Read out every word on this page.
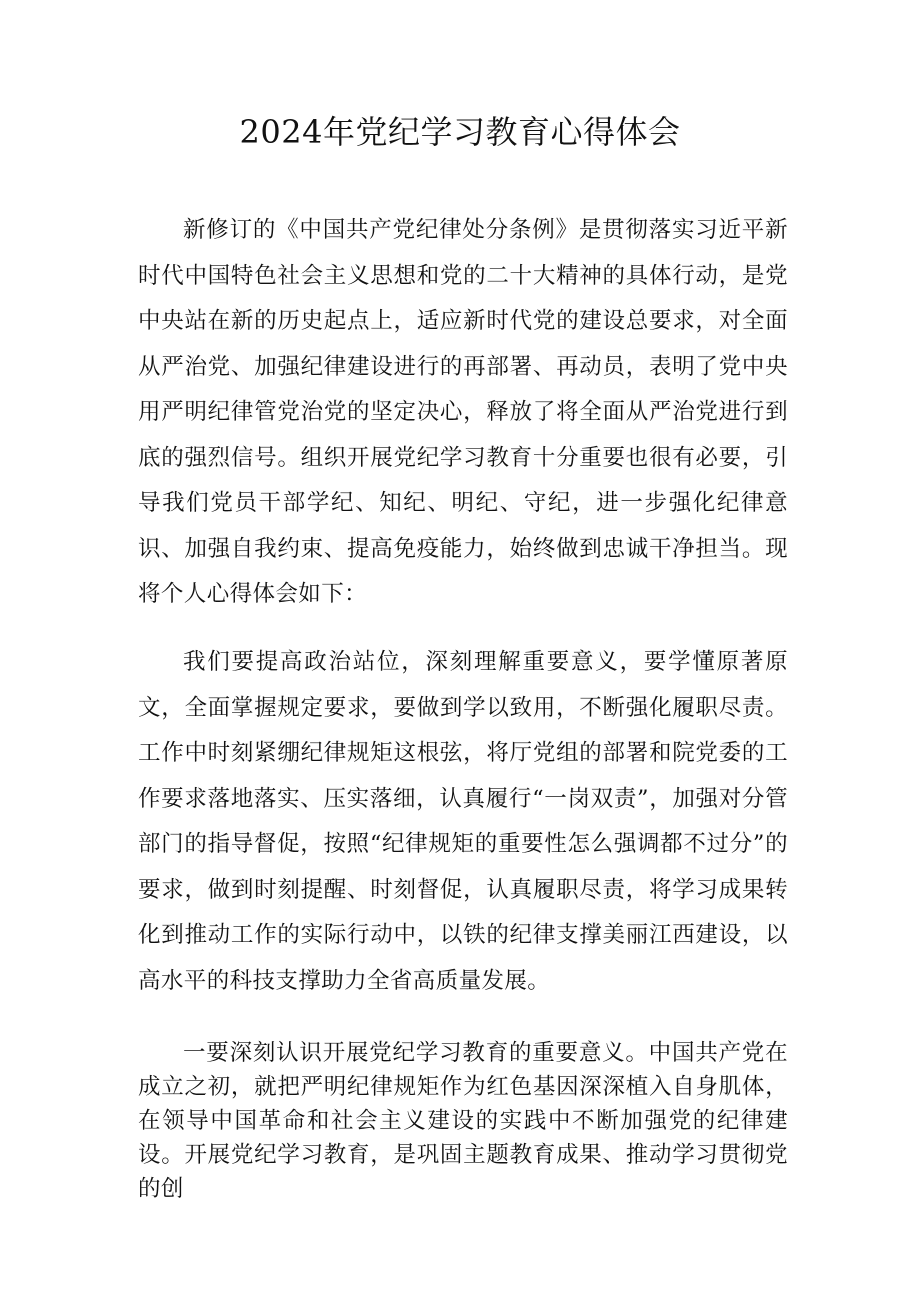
2024年党纪学习教育心得体会

新修订的《中国共产党纪律处分条例》是贯彻落实习近平新时代中国特色社会主义思想和党的二十大精神的具体行动，是党中央站在新的历史起点上，适应新时代党的建设总要求，对全面从严治党、加强纪律建设进行的再部署、再动员，表明了党中央用严明纪律管党治党的坚定决心，释放了将全面从严治党进行到底的强烈信号。组织开展党纪学习教育十分重要也很有必要，引导我们党员干部学纪、知纪、明纪、守纪，进一步强化纪律意识、加强自我约束、提高免疫能力，始终做到忠诚干净担当。现将个人心得体会如下：

我们要提高政治站位，深刻理解重要意义，要学懂原著原文，全面掌握规定要求，要做到学以致用，不断强化履职尽责。工作中时刻紧绷纪律规矩这根弦，将厅党组的部署和院党委的工作要求落地落实、压实落细，认真履行“一岗双责”，加强对分管部门的指导督促，按照“纪律规矩的重要性怎么强调都不过分”的要求，做到时刻提醒、时刻督促，认真履职尽责，将学习成果转化到推动工作的实际行动中，以铁的纪律支撑美丽江西建设，以高水平的科技支撑助力全省高质量发展。

一要深刻认识开展党纪学习教育的重要意义。中国共产党在成立之初，就把严明纪律规矩作为红色基因深深植入自身肌体，在领导中国革命和社会主义建设的实践中不断加强党的纪律建设。开展党纪学习教育，是巩固主题教育成果、推动学习贯彻党的创
